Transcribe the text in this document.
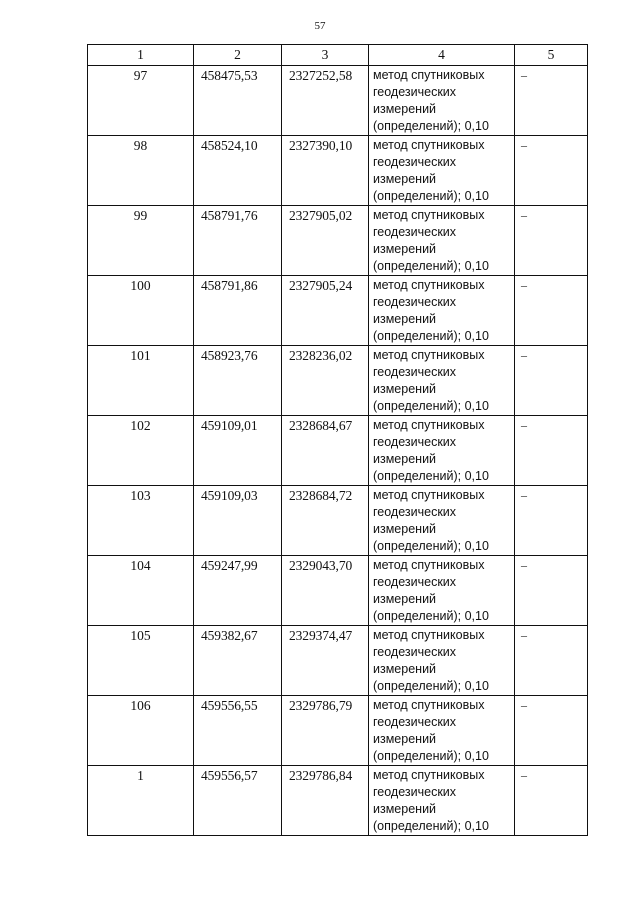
57
1	2	3	4	5
97	458475,53	2327252,58	метод спутниковых
геодезических
измерений
(определений); 0,10	–
98	458524,10	2327390,10	метод спутниковых
геодезических
измерений
(определений); 0,10	–
99	458791,76	2327905,02	метод спутниковых
геодезических
измерений
(определений); 0,10	–
100	458791,86	2327905,24	метод спутниковых
геодезических
измерений
(определений); 0,10	–
101	458923,76	2328236,02	метод спутниковых
геодезических
измерений
(определений); 0,10	–
102	459109,01	2328684,67	метод спутниковых
геодезических
измерений
(определений); 0,10	–
103	459109,03	2328684,72	метод спутниковых
геодезических
измерений
(определений); 0,10	–
104	459247,99	2329043,70	метод спутниковых
геодезических
измерений
(определений); 0,10	–
105	459382,67	2329374,47	метод спутниковых
геодезических
измерений
(определений); 0,10	–
106	459556,55	2329786,79	метод спутниковых
геодезических
измерений
(определений); 0,10	–
1	459556,57	2329786,84	метод спутниковых
геодезических
измерений
(определений); 0,10	–
